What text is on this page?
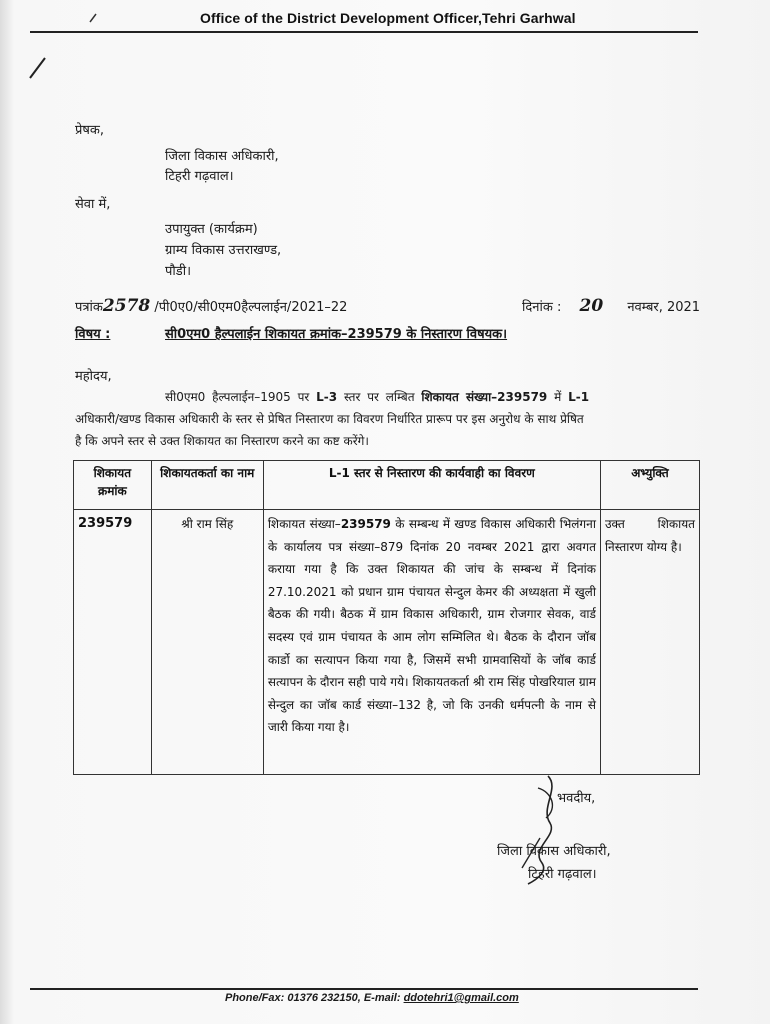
Office of the District Development Officer,Tehri Garhwal
प्रेषक,
जिला विकास अधिकारी,
टिहरी गढ़वाल।
सेवा में,
उपायुक्त (कार्यक्रम)
ग्राम्य विकास उत्तराखण्ड,
पौडी।
पत्रांक2578 /पी0ए0/सी0एम0हैल्पलाईन/2021–22	दिनांक : 20 नवम्बर, 2021
विषय :	सी0एम0 हैल्पलाईन शिकायत क्रमांक–239579 के निस्तारण विषयक।
महोदय,
सी0एम0 हैल्पलाईन–1905 पर L-3 स्तर पर लम्बित शिकायत संख्या–239579 में L-1
अधिकारी/खण्ड विकास अधिकारी के स्तर से प्रेषित निस्तारण का विवरण निर्धारित प्रारूप पर इस अनुरोध के साथ प्रेषित
है कि अपने स्तर से उक्त शिकायत का निस्तारण करने का कष्ट करेंगे।
शिकायत क्रमांक	शिकायतकर्ता का नाम	L-1 स्तर से निस्तारण की कार्यवाही का विवरण	अभ्युक्ति
239579	श्री राम सिंह	शिकायत संख्या–239579 के सम्बन्ध में खण्ड विकास अधिकारी भिलंगना के कार्यालय पत्र संख्या–879 दिनांक 20 नवम्बर 2021 द्वारा अवगत कराया गया है कि उक्त शिकायत की जांच के सम्बन्ध में दिनांक 27.10.2021 को प्रधान ग्राम पंचायत सेन्दुल केमर की अध्यक्षता में खुली बैठक की गयी। बैठक में ग्राम विकास अधिकारी, ग्राम रोजगार सेवक, वार्ड सदस्य एवं ग्राम पंचायत के आम लोग सम्मिलित थे। बैठक के दौरान जॉब कार्डो का सत्यापन किया गया है, जिसमें सभी ग्रामवासियों के जॉब कार्ड सत्यापन के दौरान सही पाये गये। शिकायतकर्ता श्री राम सिंह पोखरियाल ग्राम सेन्दुल का जॉब कार्ड संख्या–132 है, जो कि उनकी धर्मपत्नी के नाम से जारी किया गया है।	उक्त शिकायत निस्तारण योग्य है।
भवदीय,
जिला विकास अधिकारी,
टिहरी गढ़वाल।
Phone/Fax: 01376 232150, E-mail: ddotehri1@gmail.com
